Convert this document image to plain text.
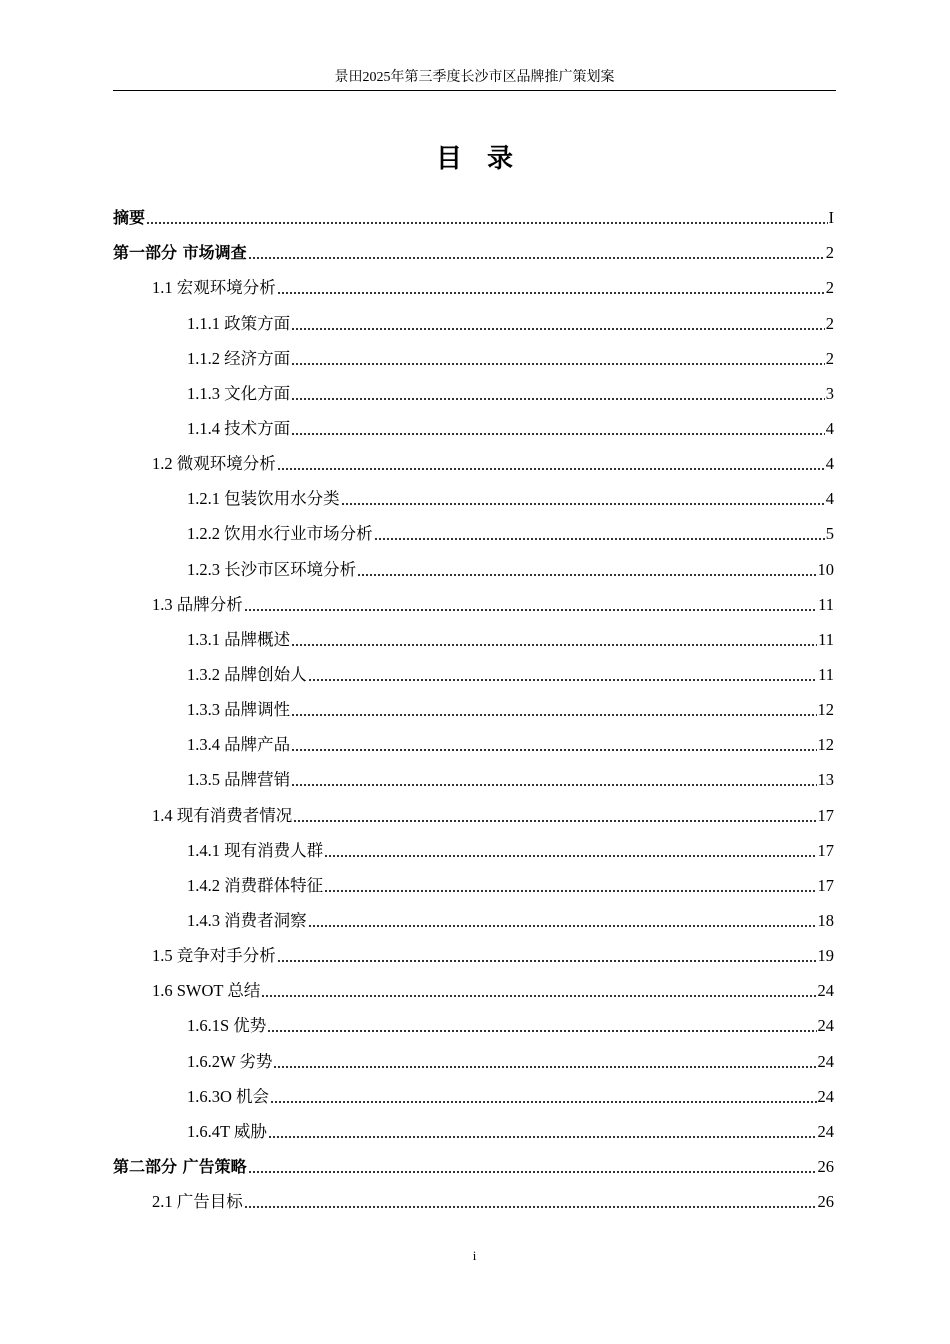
景田2025年第三季度长沙市区品牌推广策划案
目 录
摘要	I
第一部分 市场调查	2
1.1 宏观环境分析	2
1.1.1 政策方面	2
1.1.2 经济方面	2
1.1.3 文化方面	3
1.1.4 技术方面	4
1.2 微观环境分析	4
1.2.1 包装饮用水分类	4
1.2.2 饮用水行业市场分析	5
1.2.3 长沙市区环境分析	10
1.3 品牌分析	11
1.3.1 品牌概述	11
1.3.2 品牌创始人	11
1.3.3 品牌调性	12
1.3.4 品牌产品	12
1.3.5 品牌营销	13
1.4 现有消费者情况	17
1.4.1 现有消费人群	17
1.4.2 消费群体特征	17
1.4.3 消费者洞察	18
1.5 竞争对手分析	19
1.6 SWOT 总结	24
1.6.1S 优势	24
1.6.2W 劣势	24
1.6.3O 机会	24
1.6.4T 威胁	24
第二部分 广告策略	26
2.1 广告目标	26
i
